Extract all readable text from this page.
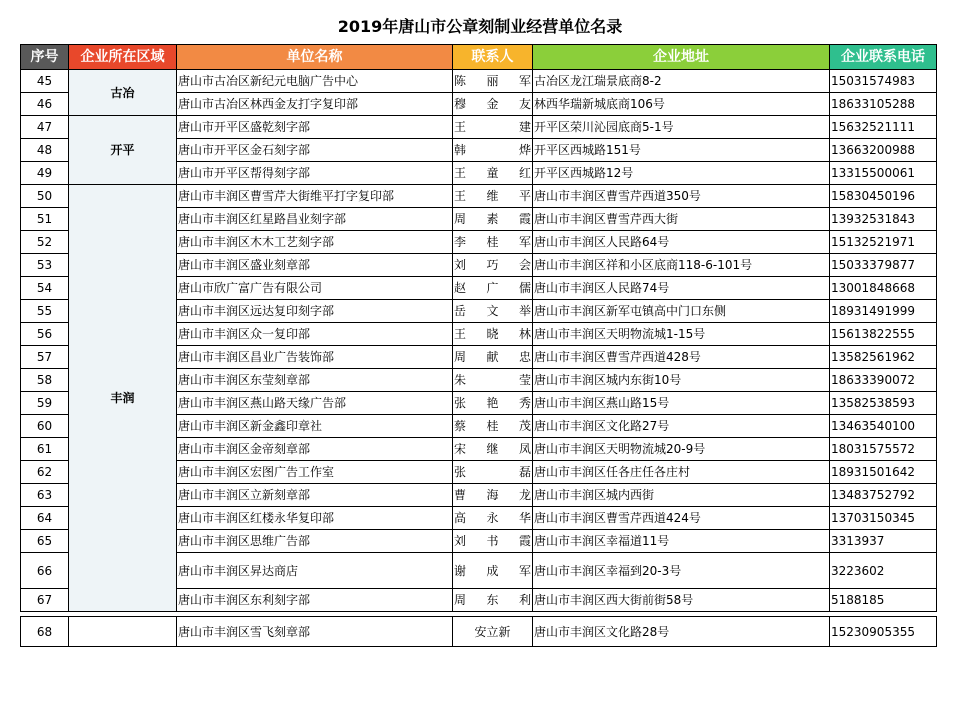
2019年唐山市公章刻制业经营单位名录
序号	企业所在区域	单位名称	联系人	企业地址	企业联系电话
45	古冶	唐山市古冶区新纪元电脑广告中心	陈丽军	古冶区龙江瑞景底商8-2	15031574983
46		唐山市古冶区林西金友打字复印部	穆金友	林西华瑞新城底商106号	18633105288
47	开平	唐山市开平区盛乾刻字部	王建	开平区荣川沁园底商5-1号	15632521111
48		唐山市开平区金石刻字部	韩烨	开平区西城路151号	13663200988
49		唐山市开平区帮得刻字部	王童红	开平区西城路12号	13315500061
50	丰润	唐山市丰润区曹雪芹大街维平打字复印部	王维平	唐山市丰润区曹雪芹西道350号	15830450196
51		唐山市丰润区红星路昌业刻字部	周素霞	唐山市丰润区曹雪芹西大街	13932531843
52		唐山市丰润区木木工艺刻字部	李桂军	唐山市丰润区人民路64号	15132521971
53		唐山市丰润区盛业刻章部	刘巧会	唐山市丰润区祥和小区底商118-6-101号	15033379877
54		唐山市欣广富广告有限公司	赵广儒	唐山市丰润区人民路74号	13001848668
55		唐山市丰润区远达复印刻字部	岳文举	唐山市丰润区新军屯镇高中门口东侧	18931491999
56		唐山市丰润区众一复印部	王晓林	唐山市丰润区天明物流城1-15号	15613822555
57		唐山市丰润区昌业广告装饰部	周献忠	唐山市丰润区曹雪芹西道428号	13582561962
58		唐山市丰润区东莹刻章部	朱莹	唐山市丰润区城内东街10号	18633390072
59		唐山市丰润区燕山路天缘广告部	张艳秀	唐山市丰润区燕山路15号	13582538593
60		唐山市丰润区新金鑫印章社	蔡桂茂	唐山市丰润区文化路27号	13463540100
61		唐山市丰润区金帝刻章部	宋继凤	唐山市丰润区天明物流城20-9号	18031575572
62		唐山市丰润区宏图广告工作室	张磊	唐山市丰润区任各庄任各庄村	18931501642
63		唐山市丰润区立新刻章部	曹海龙	唐山市丰润区城内西街	13483752792
64		唐山市丰润区红楼永华复印部	高永华	唐山市丰润区曹雪芹西道424号	13703150345
65		唐山市丰润区思维广告部	刘书霞	唐山市丰润区幸福道11号	3313937
66		唐山市丰润区昇达商店	谢成军	唐山市丰润区幸福到20-3号	3223602
67		唐山市丰润区东利刻字部	周东利	唐山市丰润区西大街前街58号	5188185

68		唐山市丰润区雪飞刻章部	安立新	唐山市丰润区文化路28号	15230905355
